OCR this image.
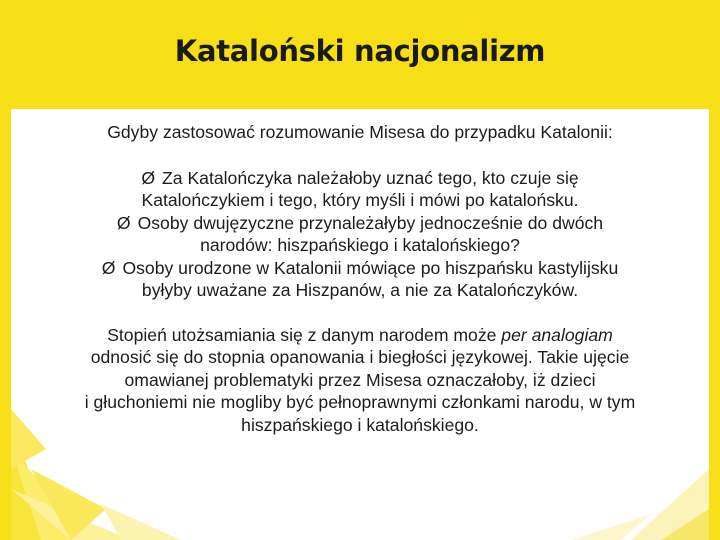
Kataloński nacjonalizm

Gdyby zastosować rozumowanie Misesa do przypadku Katalonii:

Ø Za Katalończyka należałoby uznać tego, kto czuje się
Katalończykiem i tego, który myśli i mówi po katalońsku.
Ø Osoby dwujęzyczne przynależałyby jednocześnie do dwóch
narodów: hiszpańskiego i katalońskiego?
Ø Osoby urodzone w Katalonii mówiące po hiszpańsku kastylijsku
byłyby uważane za Hiszpanów, a nie za Katalończyków.

Stopień utożsamiania się z danym narodem może per analogiam
odnosić się do stopnia opanowania i biegłości językowej. Takie ujęcie
omawianej problematyki przez Misesa oznaczałoby, iż dzieci
i głuchoniemi nie mogliby być pełnoprawnymi członkami narodu, w tym
hiszpańskiego i katalońskiego.
